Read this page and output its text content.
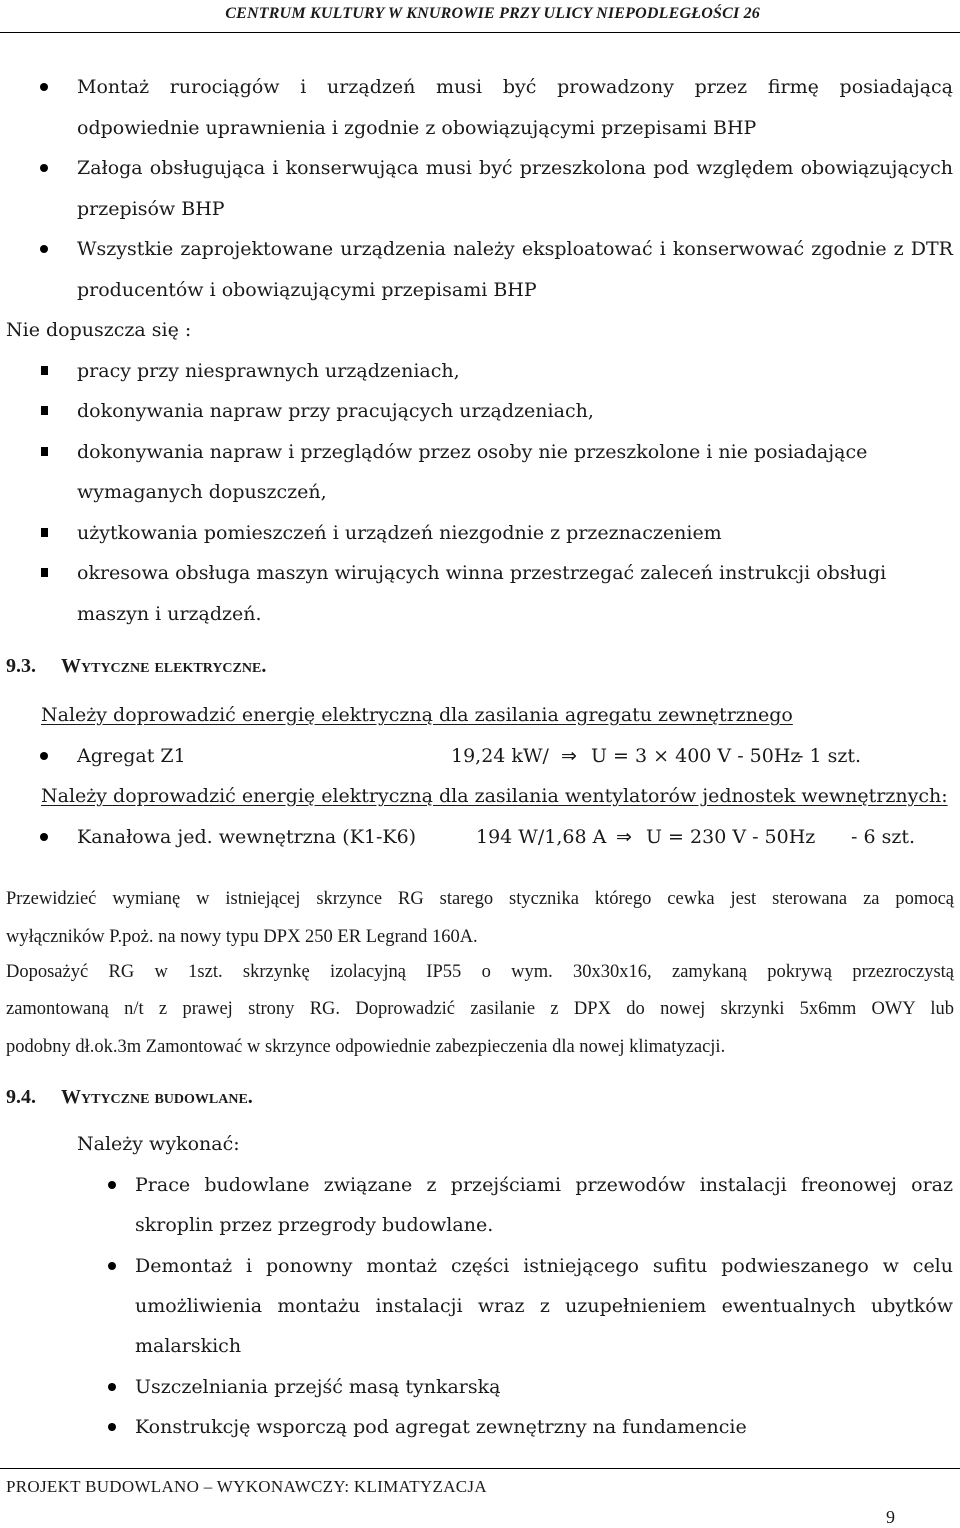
CENTRUM KULTURY W KNUROWIE PRZY ULICY NIEPODLEGŁOŚCI 26
Montaż rurociągów i urządzeń musi być prowadzony przez firmę posiadającą
odpowiednie uprawnienia i zgodnie z obowiązującymi przepisami BHP
Załoga obsługująca i konserwująca musi być przeszkolona pod względem obowiązujących
przepisów BHP
Wszystkie zaprojektowane urządzenia należy eksploatować i konserwować zgodnie z DTR
producentów i obowiązującymi przepisami BHP
Nie dopuszcza się :
pracy przy niesprawnych urządzeniach,
dokonywania napraw przy pracujących urządzeniach,
dokonywania napraw i przeglądów przez osoby nie przeszkolone i nie posiadające
wymaganych dopuszczeń,
użytkowania pomieszczeń i urządzeń niezgodnie z przeznaczeniem
okresowa obsługa maszyn wirujących winna przestrzegać zaleceń instrukcji obsługi
maszyn i urządzeń.
9.3. Wytyczne elektryczne.
Należy doprowadzić energię elektryczną dla zasilania agregatu zewnętrznego
Agregat Z1	19,24 kW/ ⇒ U = 3 × 400 V - 50Hz
- 1 szt.
Należy doprowadzić energię elektryczną dla zasilania wentylatorów jednostek wewnętrznych:
Kanałowa jed. wewnętrzna (K1-K6)	194 W/1,68 A ⇒ U = 230 V - 50Hz - 6 szt.
Przewidzieć wymianę w istniejącej skrzynce RG starego stycznika którego cewka jest sterowana za pomocą
wyłączników P.poż. na nowy typu DPX 250 ER Legrand 160A.
Doposażyć RG w 1szt. skrzynkę izolacyjną IP55 o wym. 30x30x16, zamykaną pokrywą przezroczystą
zamontowaną n/t z prawej strony RG. Doprowadzić zasilanie z DPX do nowej skrzynki 5x6mm OWY lub
podobny dł.ok.3m Zamontować w skrzynce odpowiednie zabezpieczenia dla nowej klimatyzacji.
9.4. Wytyczne budowlane.
Należy wykonać:
Prace budowlane związane z przejściami przewodów instalacji freonowej oraz
skroplin przez przegrody budowlane.
Demontaż i ponowny montaż części istniejącego sufitu podwieszanego w celu
umożliwienia montażu instalacji wraz z uzupełnieniem ewentualnych ubytków
malarskich
Uszczelniania przejść masą tynkarską
Konstrukcję wsporczą pod agregat zewnętrzny na fundamencie
PROJEKT BUDOWLANO – WYKONAWCZY: KLIMATYZACJA
9
